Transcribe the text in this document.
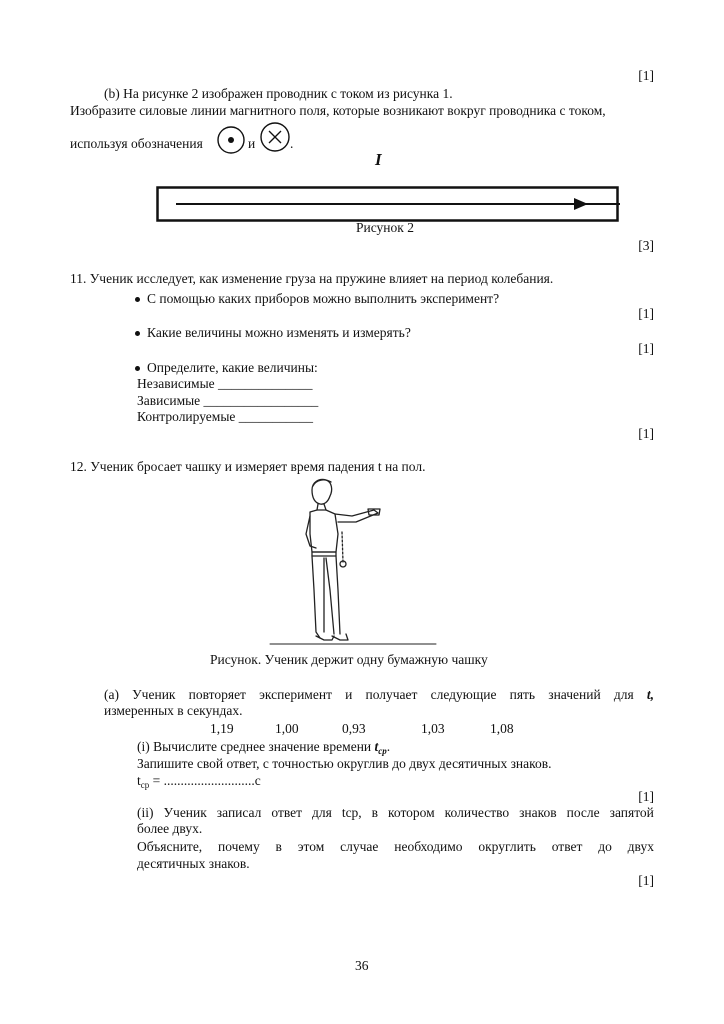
[1]
(b) На рисунке 2 изображен проводник с током из рисунка 1.
Изобразите силовые линии магнитного поля, которые возникают вокруг проводника с током,
используя обозначения	и	.
I
Рисунок 2
[3]
11. Ученик исследует, как изменение груза на пружине влияет на период колебания.
С помощью каких приборов можно выполнить эксперимент?
[1]
Какие величины можно изменять и измерять?
[1]
Определите, какие величины:
Независимые ______________
Зависимые _________________
Контролируемые ___________
[1]
12. Ученик бросает чашку и измеряет время падения t на пол.
Рисунок. Ученик держит одну бумажную чашку
(а) Ученик повторяет эксперимент и получает следующие пять значений для t,
измеренных в секундах.
1,19	1,00	0,93	1,03	1,08
(i) Вычислите среднее значение времени $t_{ср}$.
Запишите свой ответ, с точностью округлив до двух десятичных знаков.
$t_{ср} = ...........................с$
[1]
(ii) Ученик записал ответ для tср, в котором количество знаков после запятой
более двух.
Объясните, почему в этом случае необходимо округлить ответ до двух
десятичных знаков.
[1]
36
